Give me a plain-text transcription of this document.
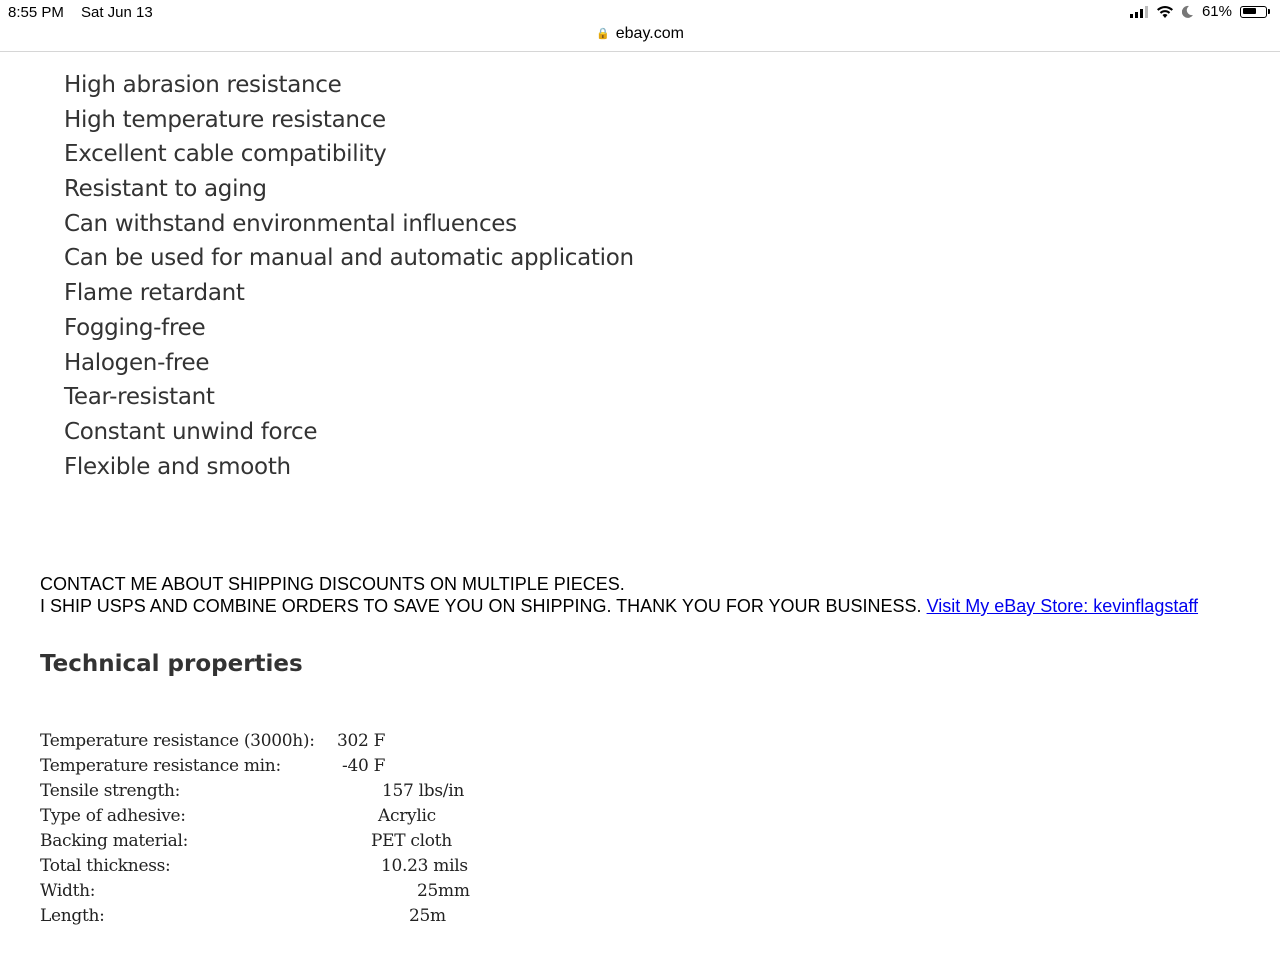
8:55 PM Sat Jun 13	61%
🔒 ebay.com
High abrasion resistance
High temperature resistance
Excellent cable compatibility
Resistant to aging
Can withstand environmental influences
Can be used for manual and automatic application
Flame retardant
Fogging-free
Halogen-free
Tear-resistant
Constant unwind force
Flexible and smooth
CONTACT ME ABOUT SHIPPING DISCOUNTS ON MULTIPLE PIECES.
I SHIP USPS AND COMBINE ORDERS TO SAVE YOU ON SHIPPING. THANK YOU FOR YOUR BUSINESS. Visit My eBay Store: kevinflagstaff
Technical properties
Temperature resistance (3000h): 302 F
Temperature resistance min:	-40 F
Tensile strength:	157 lbs/in
Type of adhesive:	Acrylic
Backing material:	PET cloth
Total thickness:	10.23 mils
Width:	25mm
Length:	25m
